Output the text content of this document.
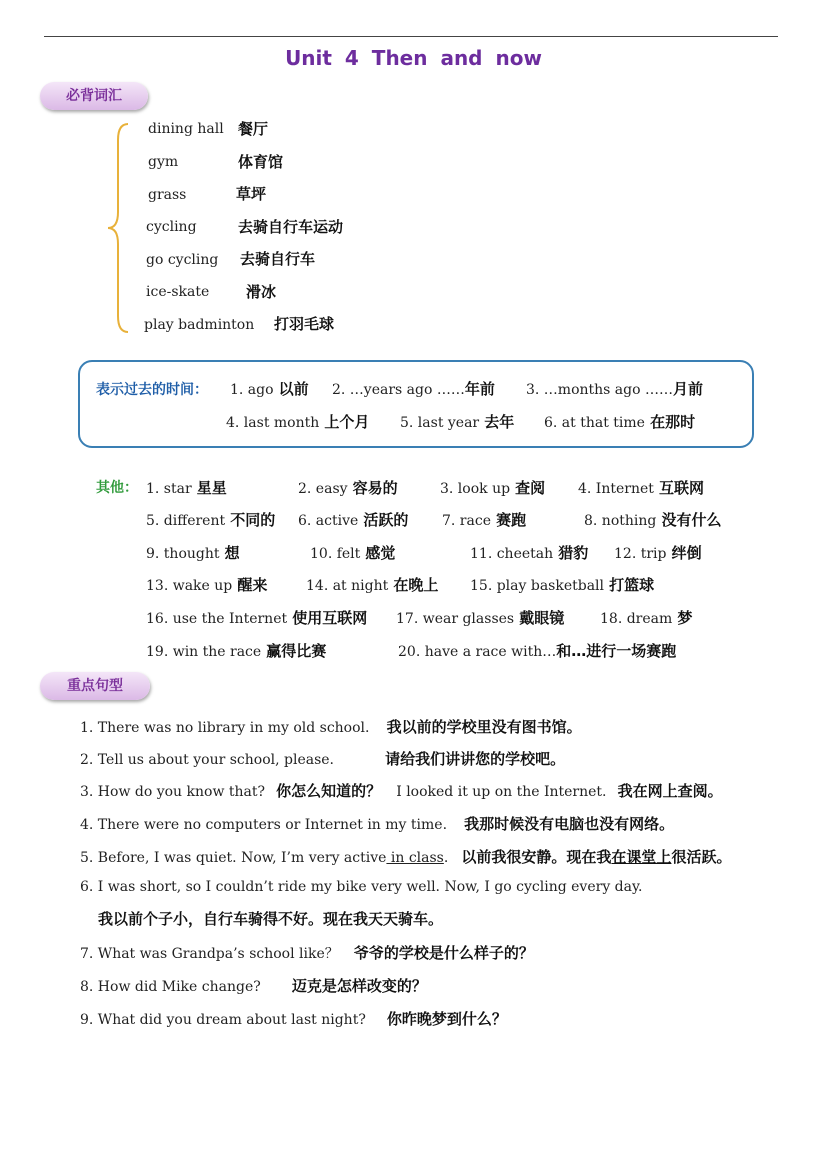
Unit 4 Then and now
必背词汇
dining hall 餐厅
gym	体育馆
grass	草坪
cycling	去骑自行车运动
go cycling 去骑自行车
ice-skate 滑冰
play badminton 打羽毛球
表示过去的时间： 1. ago 以前 2. …years ago ……年前 3. …months ago ……月前
4. last month 上个月 5. last year 去年 6. at that time 在那时
其他： 1. star 星星	2. easy 容易的	3. look up 查阅 4. Internet 互联网
5. different 不同的 6. active 活跃的 7. race 赛跑	8. nothing 没有什么
9. thought 想	10. felt 感觉	11. cheetah 猎豹 12. trip 绊倒
13. wake up 醒来	14. at night 在晚上 15. play basketball 打篮球
16. use the Internet 使用互联网 17. wear glasses 戴眼镜	18. dream 梦
19. win the race 赢得比赛	20. have a race with…和…进行一场赛跑
重点句型
1. There was no library in my old school. 我以前的学校里没有图书馆。
2. Tell us about your school, please.	请给我们讲讲您的学校吧。
3. How do you know that? 你怎么知道的？ I looked it up on the Internet. 我在网上查阅。
4. There were no computers or Internet in my time. 我那时候没有电脑也没有网络。
5. Before, I was quiet. Now, I’m very active in class. 以前我很安静。现在我在课堂上很活跃。
6. I was short, so I couldn’t ride my bike very well. Now, I go cycling every day.
我以前个子小，自行车骑得不好。现在我天天骑车。
7. What was Grandpa’s school like？ 爷爷的学校是什么样子的？
8. How did Mike change? 迈克是怎样改变的？
9. What did you dream about last night? 你昨晚梦到什么？
